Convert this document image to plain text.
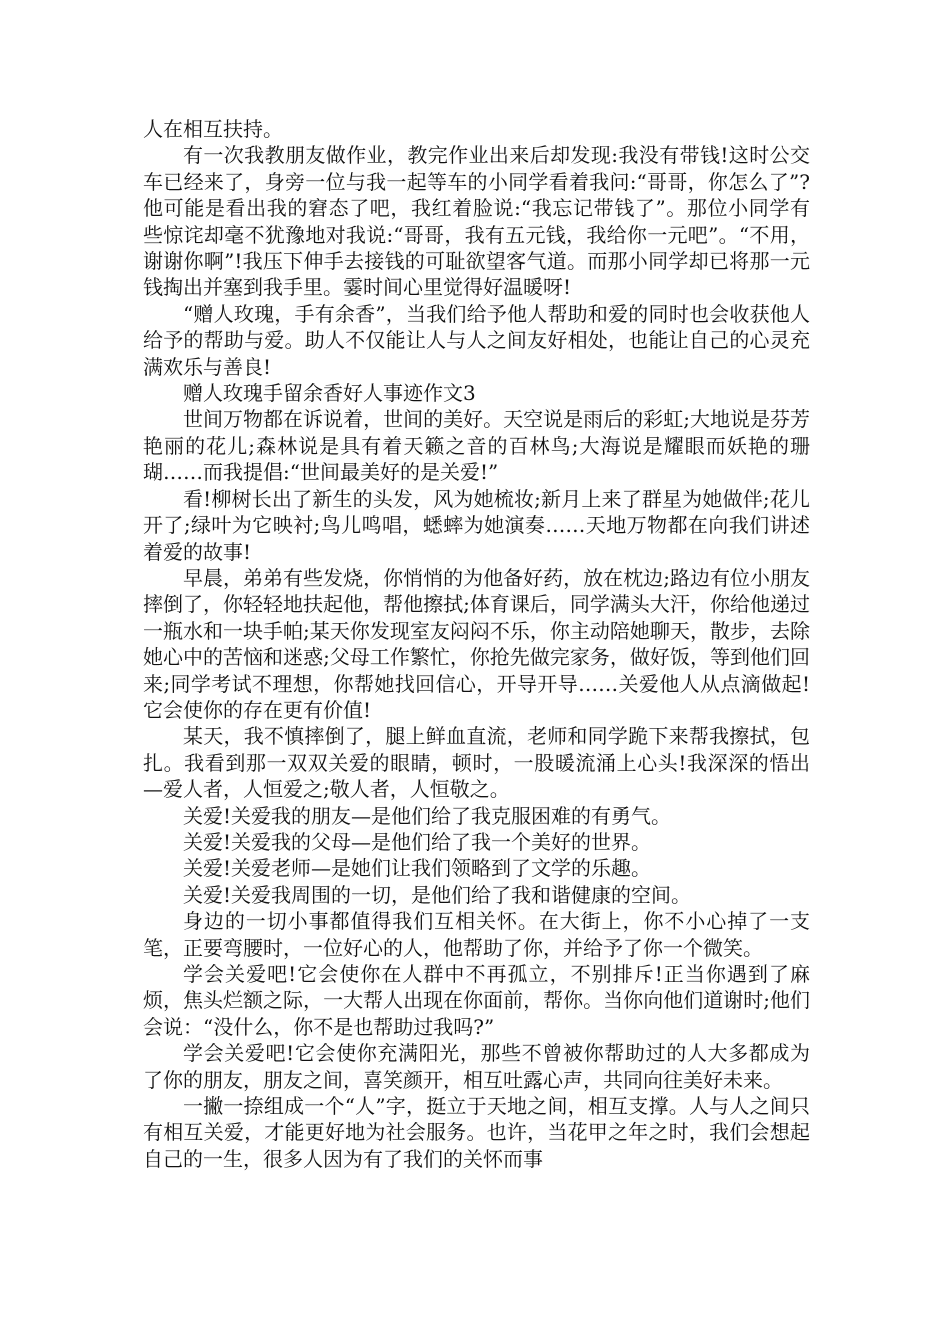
人在相互扶持。

有一次我教朋友做作业，教完作业出来后却发现:我没有带钱!这时公交车已经来了，身旁一位与我一起等车的小同学看着我问:“哥哥，你怎么了”?他可能是看出我的窘态了吧，我红着脸说:“我忘记带钱了”。那位小同学有些惊诧却毫不犹豫地对我说:“哥哥，我有五元钱，我给你一元吧”。“不用，谢谢你啊”!我压下伸手去接钱的可耻欲望客气道。而那小同学却已将那一元钱掏出并塞到我手里。霎时间心里觉得好温暖呀!

“赠人玫瑰，手有余香”，当我们给予他人帮助和爱的同时也会收获他人给予的帮助与爱。助人不仅能让人与人之间友好相处，也能让自己的心灵充满欢乐与善良!

赠人玫瑰手留余香好人事迹作文3

世间万物都在诉说着，世间的美好。天空说是雨后的彩虹;大地说是芬芳艳丽的花儿;森林说是具有着天籁之音的百林鸟;大海说是耀眼而妖艳的珊瑚……而我提倡:“世间最美好的是关爱!”

看!柳树长出了新生的头发，风为她梳妆;新月上来了群星为她做伴;花儿开了;绿叶为它映衬;鸟儿鸣唱，蟋蟀为她演奏……天地万物都在向我们讲述着爱的故事!

早晨，弟弟有些发烧，你悄悄的为他备好药，放在枕边;路边有位小朋友摔倒了，你轻轻地扶起他，帮他擦拭;体育课后，同学满头大汗，你给他递过一瓶水和一块手帕;某天你发现室友闷闷不乐，你主动陪她聊天，散步，去除她心中的苦恼和迷惑;父母工作繁忙，你抢先做完家务，做好饭，等到他们回来;同学考试不理想，你帮她找回信心，开导开导……关爱他人从点滴做起!它会使你的存在更有价值!

某天，我不慎摔倒了，腿上鲜血直流，老师和同学跪下来帮我擦拭，包扎。我看到那一双双关爱的眼睛，顿时，一股暖流涌上心头!我深深的悟出—爱人者，人恒爱之;敬人者，人恒敬之。

关爱!关爱我的朋友—是他们给了我克服困难的有勇气。

关爱!关爱我的父母—是他们给了我一个美好的世界。

关爱!关爱老师—是她们让我们领略到了文学的乐趣。

关爱!关爱我周围的一切，是他们给了我和谐健康的空间。

身边的一切小事都值得我们互相关怀。在大街上，你不小心掉了一支笔，正要弯腰时，一位好心的人，他帮助了你，并给予了你一个微笑。

学会关爱吧!它会使你在人群中不再孤立，不别排斥!正当你遇到了麻烦，焦头烂额之际，一大帮人出现在你面前，帮你。当你向他们道谢时;他们会说：“没什么，你不是也帮助过我吗?”

学会关爱吧!它会使你充满阳光，那些不曾被你帮助过的人大多都成为了你的朋友，朋友之间，喜笑颜开，相互吐露心声，共同向往美好未来。

一撇一捺组成一个“人”字，挺立于天地之间，相互支撑。人与人之间只有相互关爱，才能更好地为社会服务。也许，当花甲之年之时，我们会想起自己的一生，很多人因为有了我们的关怀而事
